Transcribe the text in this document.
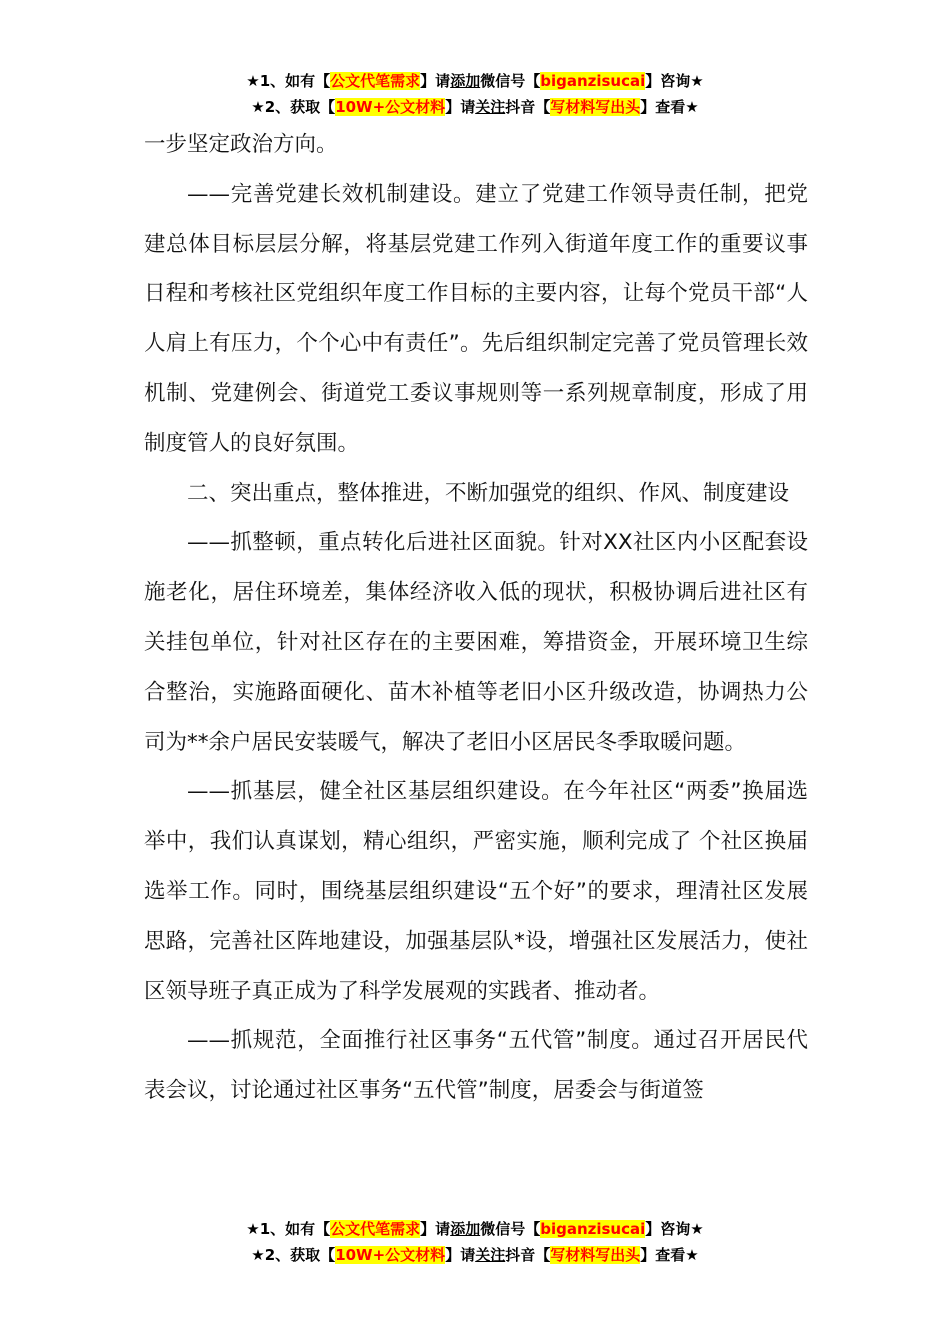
★1、如有【公文代笔需求】请添加微信号【biganzisucai】咨询★
★2、获取【10W+公文材料】请关注抖音【写材料写出头】查看★

一步坚定政治方向。

——完善党建长效机制建设。建立了党建工作领导责任制，把党建总体目标层层分解，将基层党建工作列入街道年度工作的重要议事日程和考核社区党组织年度工作目标的主要内容，让每个党员干部“人人肩上有压力，个个心中有责任”。先后组织制定完善了党员管理长效机制、党建例会、街道党工委议事规则等一系列规章制度，形成了用制度管人的良好氛围。

二、突出重点，整体推进，不断加强党的组织、作风、制度建设

——抓整顿，重点转化后进社区面貌。针对XX社区内小区配套设施老化，居住环境差，集体经济收入低的现状，积极协调后进社区有关挂包单位，针对社区存在的主要困难，筹措资金，开展环境卫生综合整治，实施路面硬化、苗木补植等老旧小区升级改造，协调热力公司为**余户居民安装暖气，解决了老旧小区居民冬季取暖问题。

——抓基层，健全社区基层组织建设。在今年社区“两委”换届选举中，我们认真谋划，精心组织，严密实施，顺利完成了 个社区换届选举工作。同时，围绕基层组织建设“五个好”的要求，理清社区发展思路，完善社区阵地建设，加强基层队*设，增强社区发展活力，使社区领导班子真正成为了科学发展观的实践者、推动者。

——抓规范，全面推行社区事务“五代管”制度。通过召开居民代表会议，讨论通过社区事务“五代管”制度，居委会与街道签

★1、如有【公文代笔需求】请添加微信号【biganzisucai】咨询★
★2、获取【10W+公文材料】请关注抖音【写材料写出头】查看★
